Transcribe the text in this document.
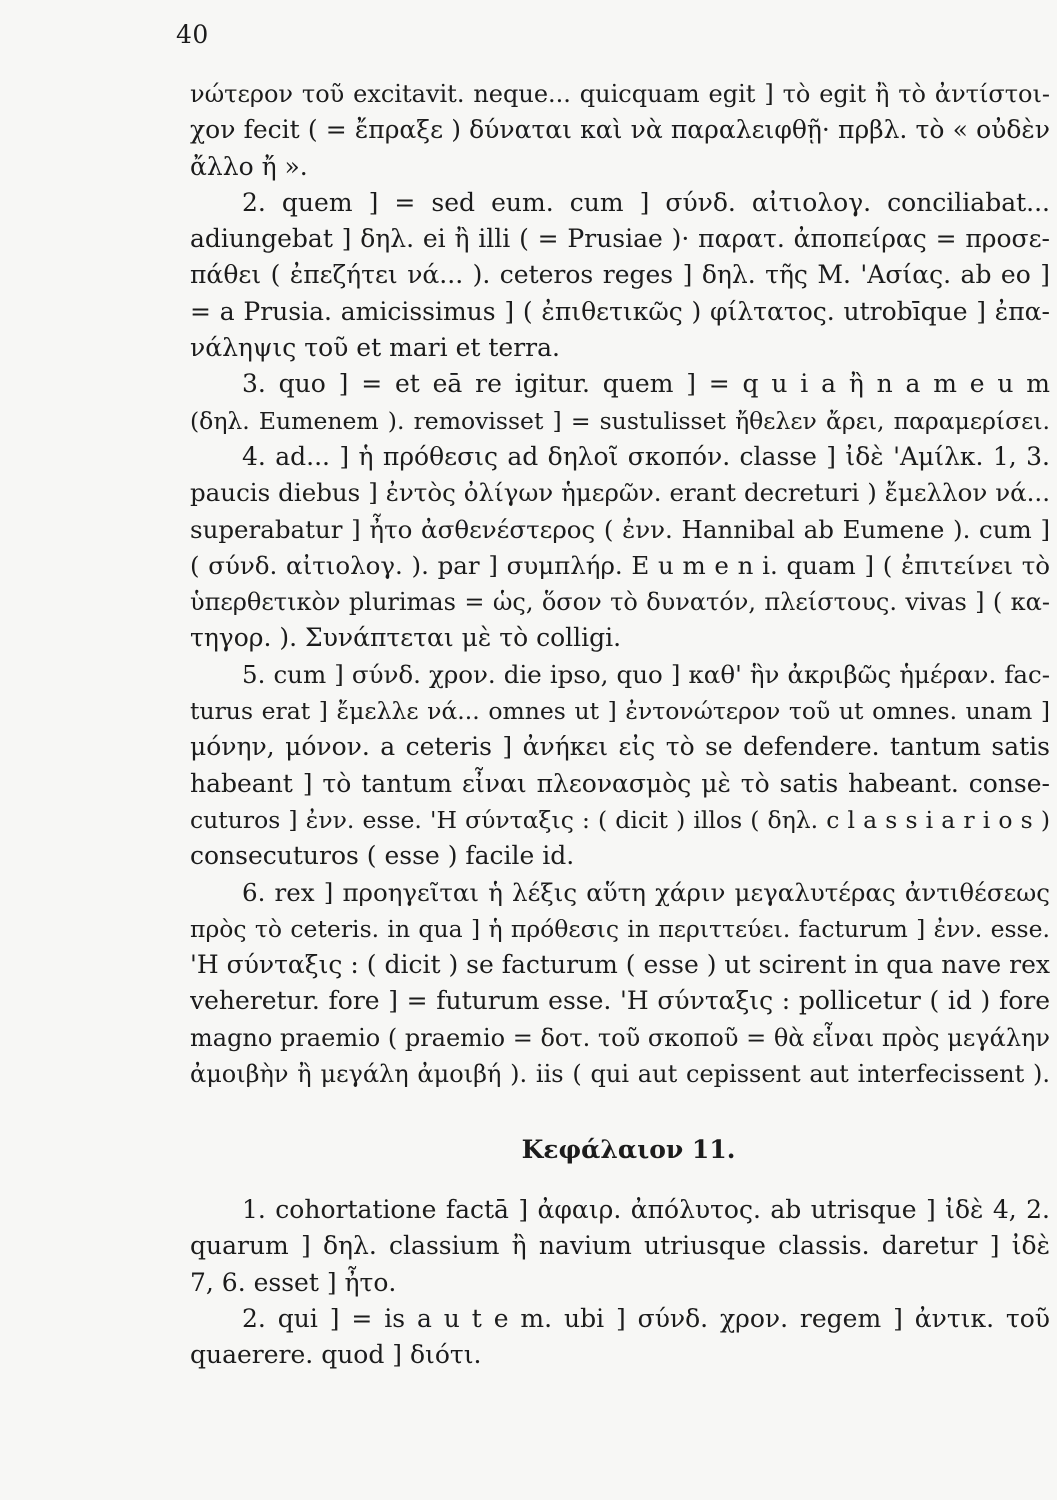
40
νώτερον τοῦ excitavit. neque... quicquam egit ] τὸ egit ἢ τὸ ἀντίστοι-
χον fecit ( = ἔπραξε ) δύναται καὶ νὰ παραλειφθῇ· πρβλ. τὸ « οὐδὲν
ἄλλο ἤ ».
2. quem ] = sed eum. cum ] σύνδ. αἰτιολογ. conciliabat...
adiungebat ] δηλ. ei ἢ illi ( = Prusiae )· παρατ. ἀποπείρας = προσε-
πάθει ( ἐπεζήτει νά... ). ceteros reges ] δηλ. τῆς Μ. 'Ασίας. ab eo ]
= a Prusia. amicissimus ] ( ἐπιθετικῶς ) φίλτατος. utrobīque ] ἐπα-
νάληψις τοῦ et mari et terra.
3. quo ] = et eā re igitur. quem ] = q u i a ἢ n a m e u m
(δηλ. Eumenem ). removisset ] = sustulisset ἤθελεν ἄρει, παραμερίσει.
4. ad... ] ἡ πρόθεσις ad δηλοῖ σκοπόν. classe ] ἰδὲ 'Αμίλκ. 1, 3.
paucis diebus ] ἐντὸς ὀλίγων ἡμερῶν. erant decreturi ) ἔμελλον νά...
superabatur ] ἦτο ἀσθενέστερος ( ἐνν. Hannibal ab Eumene ). cum ]
( σύνδ. αἰτιολογ. ). par ] συμπλήρ. E u m e n i. quam ] ( ἐπιτείνει τὸ
ὑπερθετικὸν plurimas = ὡς, ὅσον τὸ δυνατόν, πλείστους. vivas ] ( κα-
τηγορ. ). Συνάπτεται μὲ τὸ colligi.
5. cum ] σύνδ. χρον. die ipso, quo ] καθ' ἣν ἀκριβῶς ἡμέραν. fac-
turus erat ] ἔμελλε νά... omnes ut ] ἐντονώτερον τοῦ ut omnes. unam ]
μόνην, μόνον. a ceteris ] ἀνήκει εἰς τὸ se defendere. tantum satis
habeant ] τὸ tantum εἶναι πλεονασμὸς μὲ τὸ satis habeant. conse-
cuturos ] ἐνν. esse. 'Η σύνταξις : ( dicit ) illos ( δηλ. c l a s s i a r i o s )
consecuturos ( esse ) facile id.
6. rex ] προηγεῖται ἡ λέξις αὕτη χάριν μεγαλυτέρας ἀντιθέσεως
πρὸς τὸ ceteris. in qua ] ἡ πρόθεσις in περιττεύει. facturum ] ἐνν. esse.
'Η σύνταξις : ( dicit ) se facturum ( esse ) ut scirent in qua nave rex
veheretur. fore ] = futurum esse. 'Η σύνταξις : pollicetur ( id ) fore
magno praemio ( praemio = δοτ. τοῦ σκοποῦ = θὰ εἶναι πρὸς μεγάλην
ἀμοιβὴν ἢ μεγάλη ἀμοιβή ). iis ( qui aut cepissent aut interfecissent ).
Κεφάλαιον 11.
1. cohortatione factā ] ἀφαιρ. ἀπόλυτος. ab utrisque ] ἰδὲ 4, 2.
quarum ] δηλ. classium ἢ navium utriusque classis. daretur ] ἰδὲ
7, 6. esset ] ἦτο.
2. qui ] = is a u t e m. ubi ] σύνδ. χρον. regem ] ἀντικ. τοῦ
quaerere. quod ] διότι.
